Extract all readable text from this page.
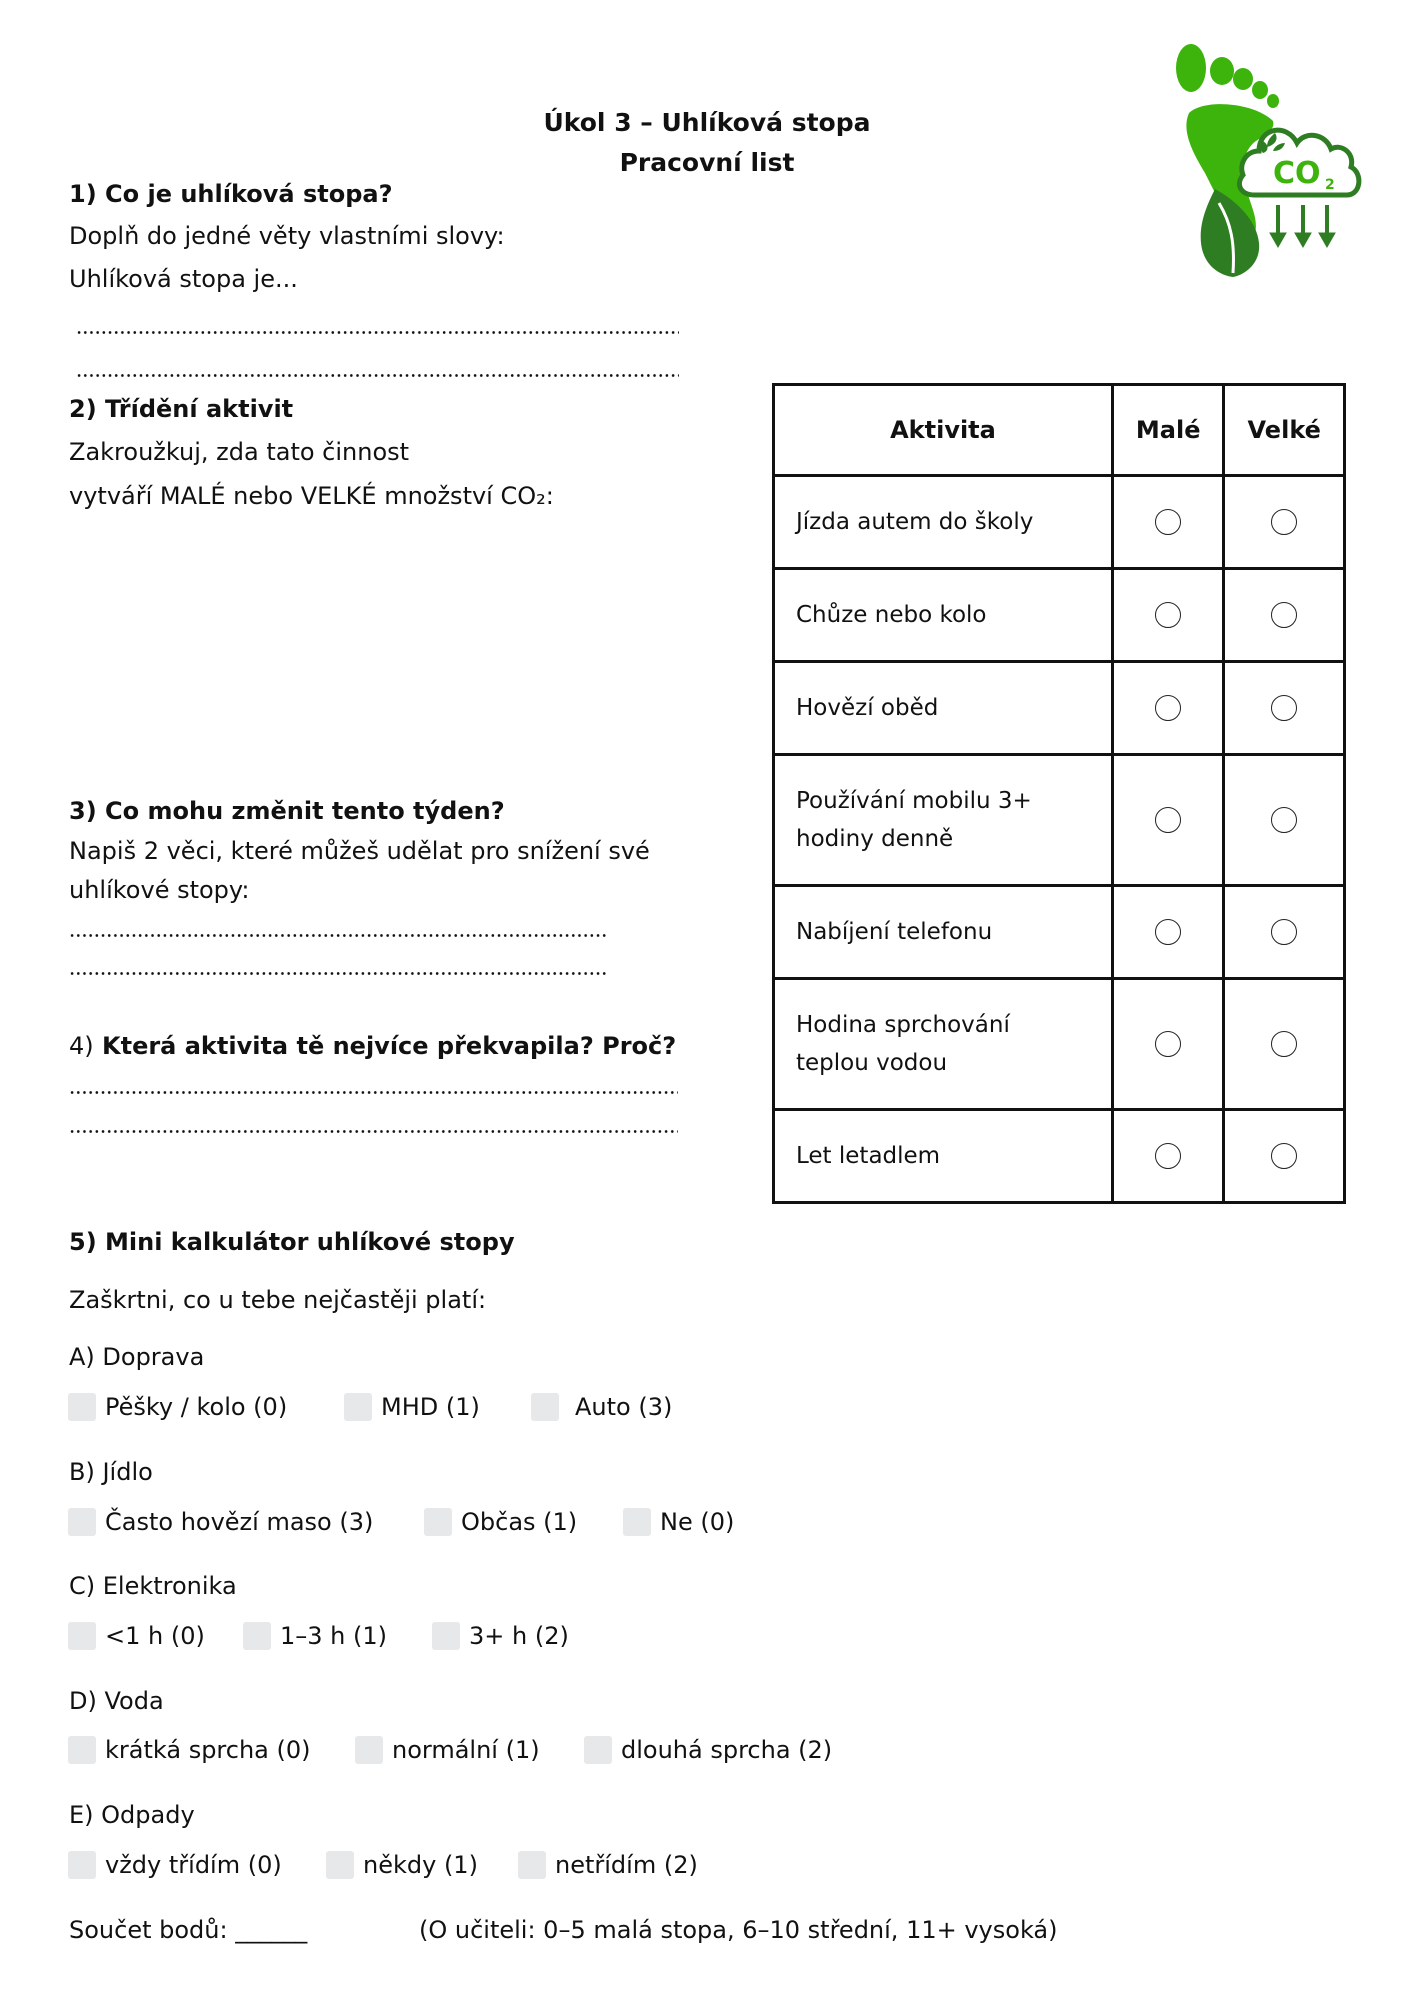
Úkol 3 – Uhlíková stopa
Pracovní list	CO 2
1) Co je uhlíková stopa?
Doplň do jedné věty vlastními slovy:
Uhlíková stopa je...
2) Třídění aktivit
Zakroužkuj, zda tato činnost
vytváří MALÉ nebo VELKÉ množství CO₂:
Aktivita	Malé	Velké
Jízda autem do školy		
Chůze nebo kolo		
Hovězí oběd		
Používání mobilu 3+
hodiny denně		
Nabíjení telefonu		
Hodina sprchování
teplou vodou		
Let letadlem		
3) Co mohu změnit tento týden?
Napiš 2 věci, které můžeš udělat pro snížení své
uhlíkové stopy:
4) Která aktivita tě nejvíce překvapila? Proč?
5) Mini kalkulátor uhlíkové stopy
Zaškrtni, co u tebe nejčastěji platí:
A) Doprava
Pěšky / kolo (0)	MHD (1)	Auto (3)
B) Jídlo
Často hovězí maso (3)	Občas (1)	Ne (0)
C) Elektronika
<1 h (0)	1–3 h (1)	3+ h (2)
D) Voda
krátká sprcha (0)	normální (1)	dlouhá sprcha (2)
E) Odpady
vždy třídím (0)	někdy (1)	netřídím (2)
Součet bodů: ______	(O učiteli: 0–5 malá stopa, 6–10 střední, 11+ vysoká)
